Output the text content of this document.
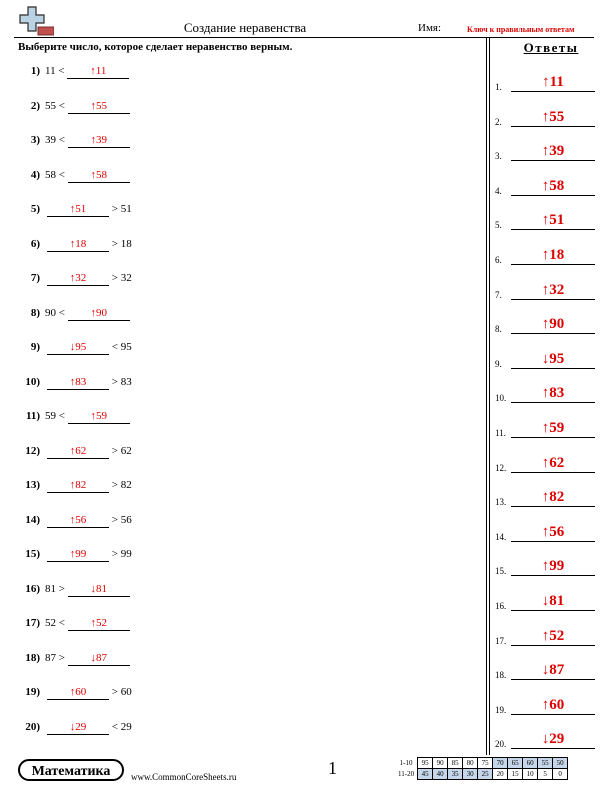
Создание неравенства	Имя:	Ключ к правильным ответам
Выберите число, которое сделает неравенство верным.
1) 11 < ↑11
2) 55 < ↑55
3) 39 < ↑39
4) 58 < ↑58
5)	↑51 > 51
6)	↑18 > 18
7)	↑32 > 32
8) 90 < ↑90
9)	↓95 < 95
10)	↑83 > 83
11) 59 < ↑59
12)	↑62 > 62
13)	↑82 > 82
14)	↑56 > 56
15)	↑99 > 99
16) 81 > ↓81
17) 52 < ↑52
18) 87 > ↓87
19)	↑60 > 60
20)	↓29 < 29
Ответы
1.	↑11
2.	↑55
3.	↑39
4.	↑58
5.	↑51
6.	↑18
7.	↑32
8.	↑90
9.	↓95
10.	↑83
11.	↑59
12.	↑62
13.	↑82
14.	↑56
15.	↑99
16.	↓81
17.	↑52
18.	↓87
19.	↑60
20.	↓29
Математика	www.CommonCoreSheets.ru	1	1-10	95	90	85	80	75	70	65	60	55	50
11-20	45	40	35	30	25	20	15	10	5	0
